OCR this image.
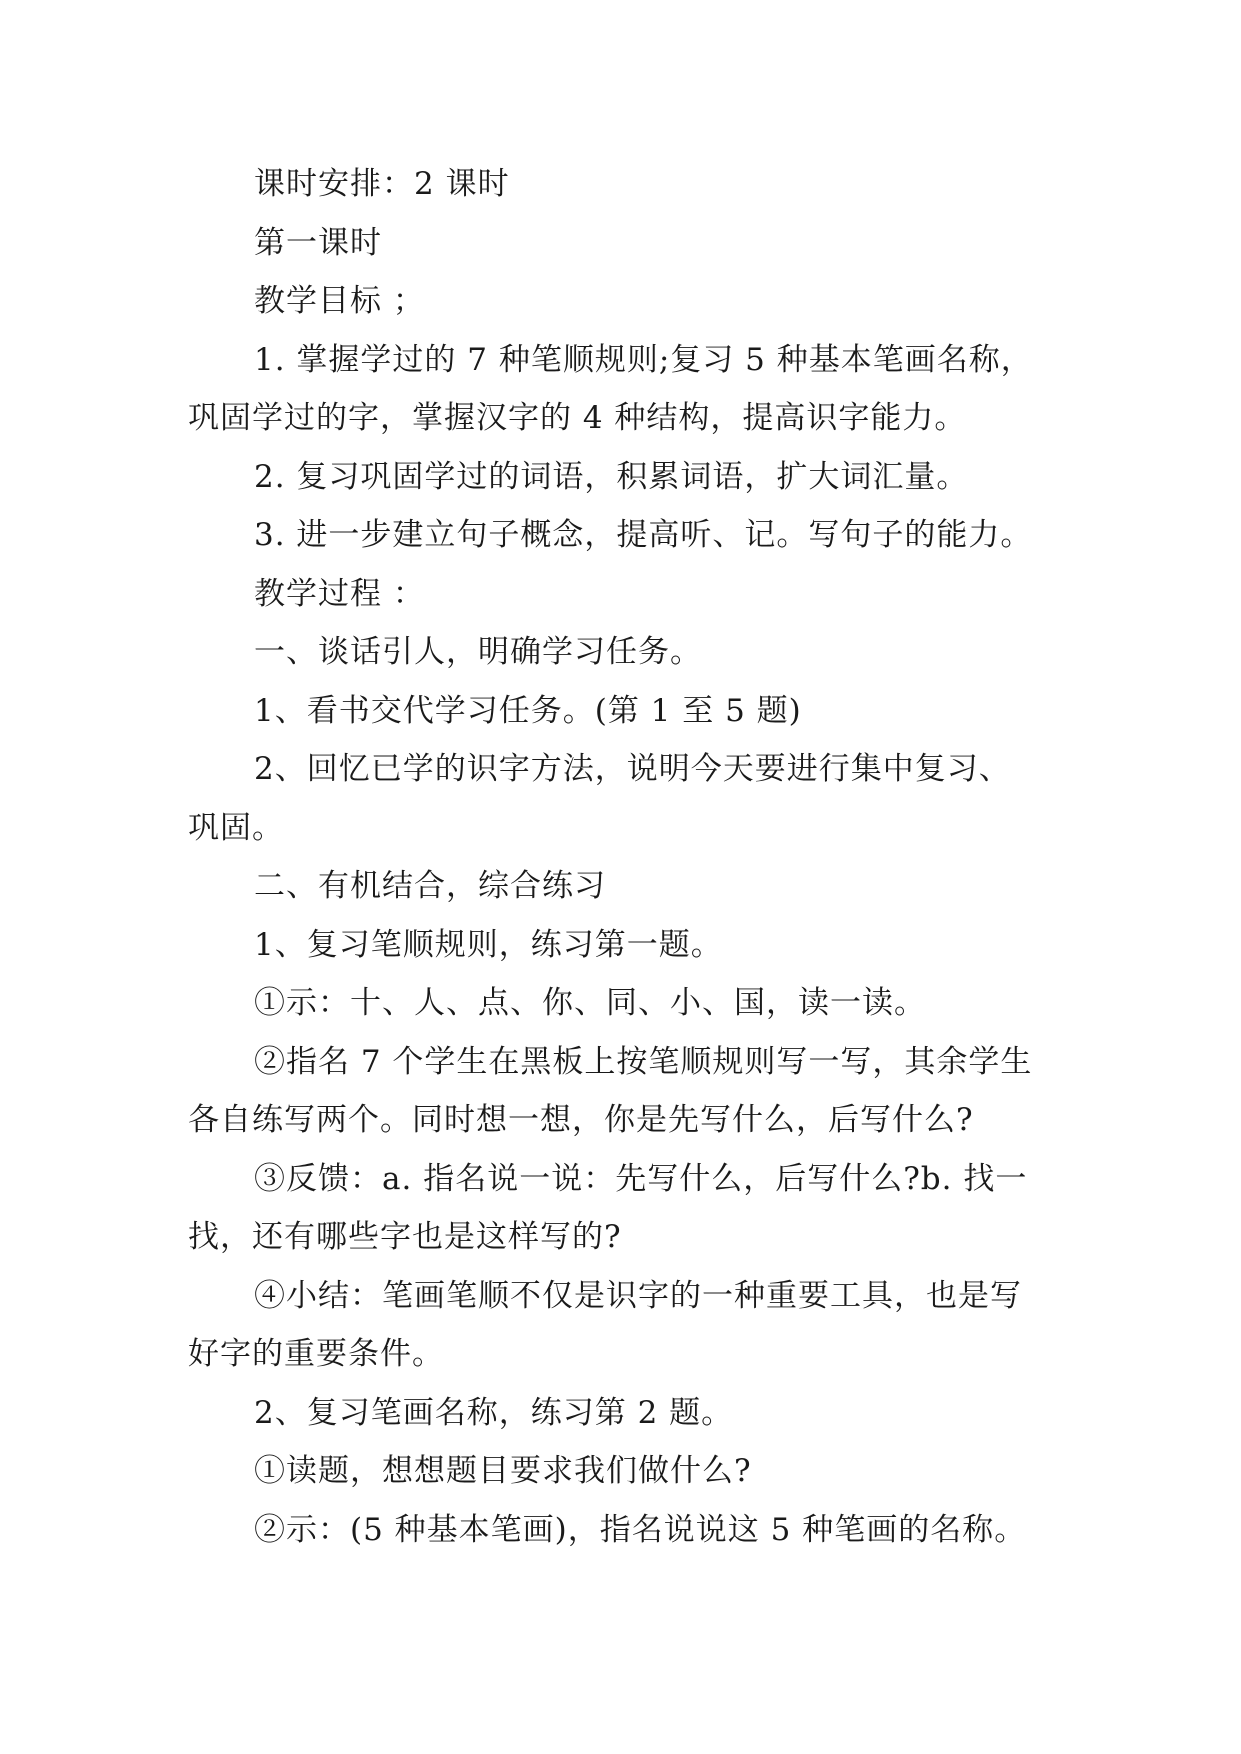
课时安排：2 课时
第一课时
教学目标 ；
1. 掌握学过的 7 种笔顺规则;复习 5 种基本笔画名称，
巩固学过的字，掌握汉字的 4 种结构，提高识字能力。
2. 复习巩固学过的词语，积累词语，扩大词汇量。
3. 进一步建立句子概念，提高听、记。写句子的能力。
教学过程 ：
一、谈话引人，明确学习任务。
1、看书交代学习任务。(第 1 至 5 题)
2、回忆已学的识字方法，说明今天要进行集中复习、
巩固。
二、有机结合，综合练习
1、复习笔顺规则，练习第一题。
①示：十、人、点、你、同、小、国，读一读。
②指名 7 个学生在黑板上按笔顺规则写一写，其余学生
各自练写两个。同时想一想，你是先写什么，后写什么?
③反馈：a. 指名说一说：先写什么，后写什么?b. 找一
找，还有哪些字也是这样写的?
④小结：笔画笔顺不仅是识字的一种重要工具，也是写
好字的重要条件。
2、复习笔画名称，练习第 2 题。
①读题，想想题目要求我们做什么?
②示：(5 种基本笔画)，指名说说这 5 种笔画的名称。
